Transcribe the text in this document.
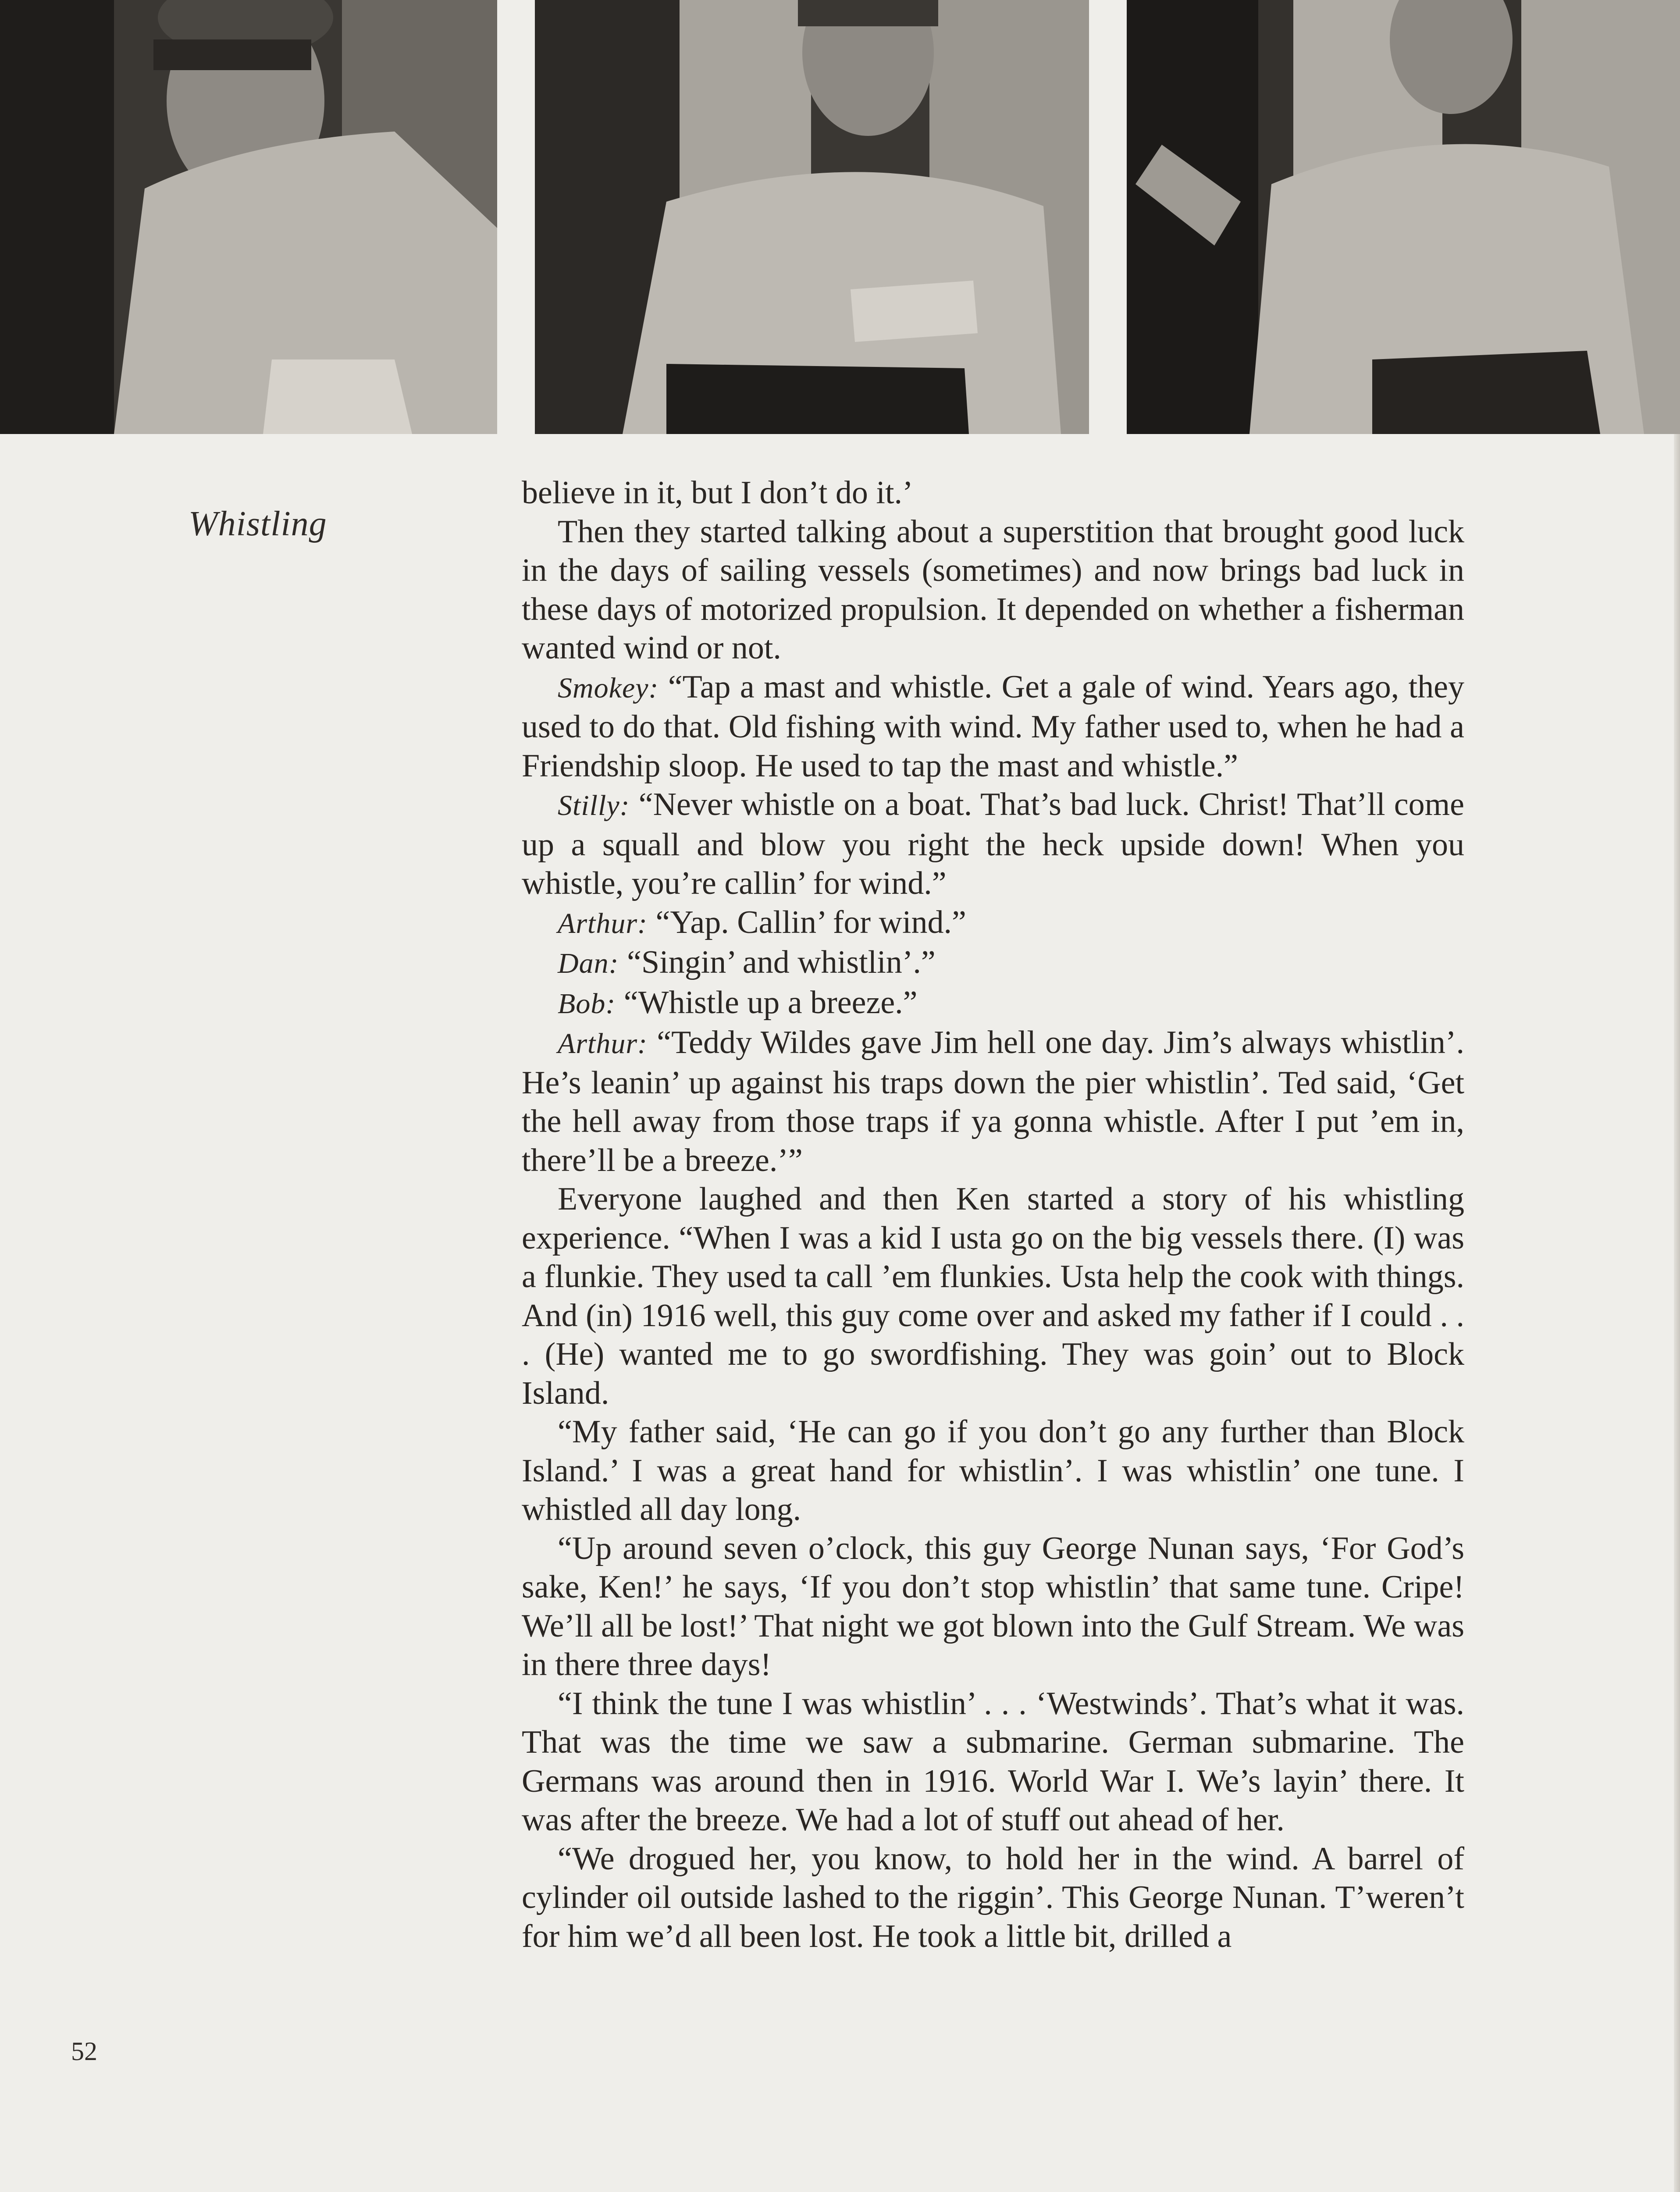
Whistling

believe in it, but I don’t do it.’

Then they started talking about a superstition that brought good luck in the days of sailing vessels (sometimes) and now brings bad luck in these days of motorized propulsion. It depended on whether a fisherman wanted wind or not.

Smokey: “Tap a mast and whistle. Get a gale of wind. Years ago, they used to do that. Old fishing with wind. My father used to, when he had a Friendship sloop. He used to tap the mast and whistle.”

Stilly: “Never whistle on a boat. That’s bad luck. Christ! That’ll come up a squall and blow you right the heck upside down! When you whistle, you’re callin’ for wind.”

Arthur: “Yap. Callin’ for wind.”

Dan: “Singin’ and whistlin’.”

Bob: “Whistle up a breeze.”

Arthur: “Teddy Wildes gave Jim hell one day. Jim’s always whistlin’. He’s leanin’ up against his traps down the pier whistlin’. Ted said, ‘Get the hell away from those traps if ya gonna whistle. After I put ’em in, there’ll be a breeze.’”

Everyone laughed and then Ken started a story of his whistling experience. “When I was a kid I usta go on the big vessels there. (I) was a flunkie. They used ta call ’em flunkies. Usta help the cook with things. And (in) 1916 well, this guy come over and asked my father if I could . . . (He) wanted me to go swordfishing. They was goin’ out to Block Island.

“My father said, ‘He can go if you don’t go any further than Block Island.’ I was a great hand for whistlin’. I was whistlin’ one tune. I whistled all day long.

“Up around seven o’clock, this guy George Nunan says, ‘For God’s sake, Ken!’ he says, ‘If you don’t stop whistlin’ that same tune. Cripe! We’ll all be lost!’ That night we got blown into the Gulf Stream. We was in there three days!

“I think the tune I was whistlin’ . . . ‘Westwinds’. That’s what it was. That was the time we saw a submarine. German submarine. The Germans was around then in 1916. World War I. We’s layin’ there. It was after the breeze. We had a lot of stuff out ahead of her.

“We drogued her, you know, to hold her in the wind. A barrel of cylinder oil outside lashed to the riggin’. This George Nunan. T’weren’t for him we’d all been lost. He took a little bit, drilled a

52
